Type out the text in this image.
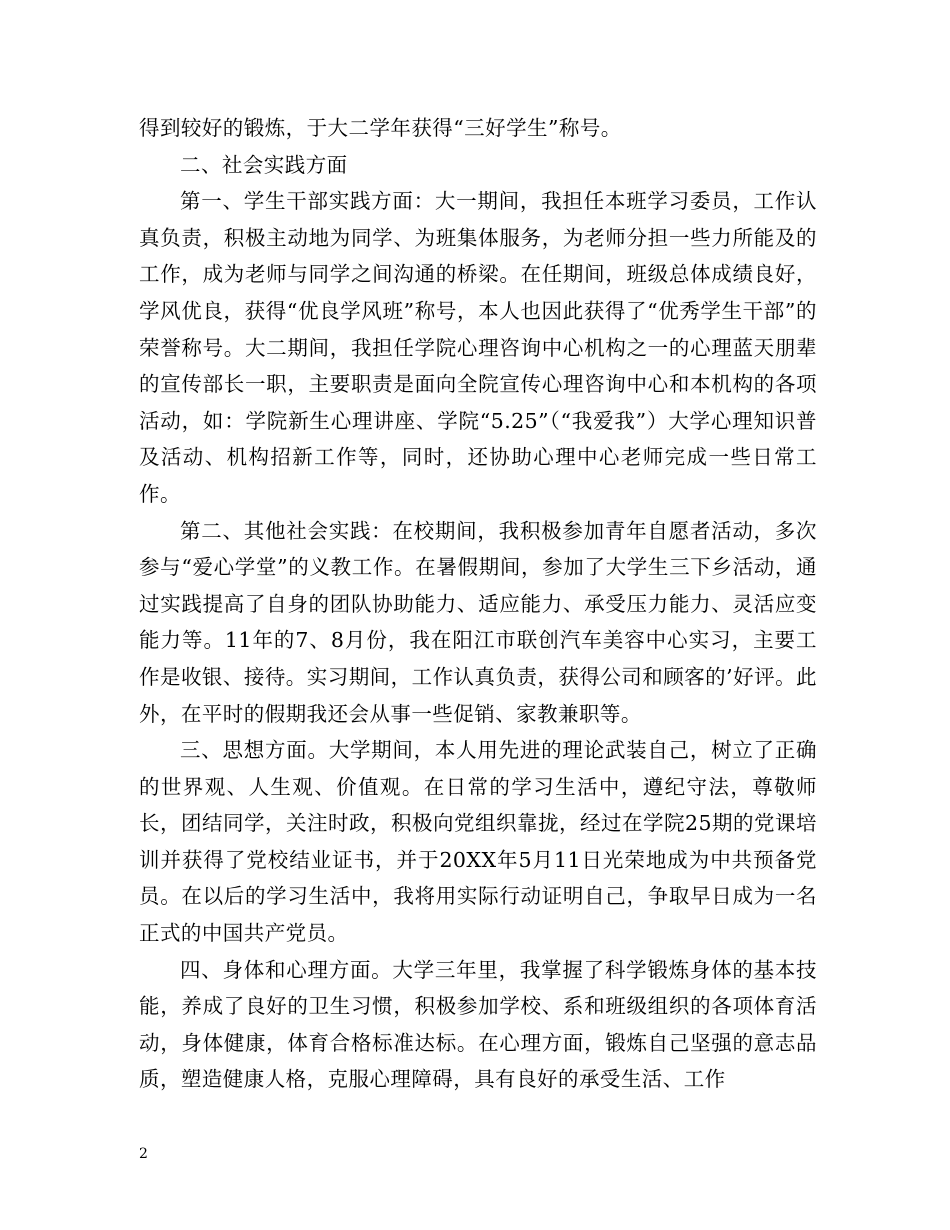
得到较好的锻炼，于大二学年获得“三好学生”称号。

二、社会实践方面

第一、学生干部实践方面：大一期间，我担任本班学习委员，工作认真负责，积极主动地为同学、为班集体服务，为老师分担一些力所能及的工作，成为老师与同学之间沟通的桥梁。在任期间，班级总体成绩良好，学风优良，获得“优良学风班”称号，本人也因此获得了“优秀学生干部”的荣誉称号。大二期间，我担任学院心理咨询中心机构之一的心理蓝天朋辈的宣传部长一职，主要职责是面向全院宣传心理咨询中心和本机构的各项活动，如：学院新生心理讲座、学院“5.25”（“我爱我”）大学心理知识普及活动、机构招新工作等，同时，还协助心理中心老师完成一些日常工作。

第二、其他社会实践：在校期间，我积极参加青年自愿者活动，多次参与“爱心学堂”的义教工作。在暑假期间，参加了大学生三下乡活动，通过实践提高了自身的团队协助能力、适应能力、承受压力能力、灵活应变能力等。11年的7、8月份，我在阳江市联创汽车美容中心实习，主要工作是收银、接待。实习期间，工作认真负责，获得公司和顾客的’好评。此外，在平时的假期我还会从事一些促销、家教兼职等。

三、思想方面。大学期间，本人用先进的理论武装自己，树立了正确的世界观、人生观、价值观。在日常的学习生活中，遵纪守法，尊敬师长，团结同学，关注时政，积极向党组织靠拢，经过在学院25期的党课培训并获得了党校结业证书，并于20XX年5月11日光荣地成为中共预备党员。在以后的学习生活中，我将用实际行动证明自己，争取早日成为一名正式的中国共产党员。

四、身体和心理方面。大学三年里，我掌握了科学锻炼身体的基本技能，养成了良好的卫生习惯，积极参加学校、系和班级组织的各项体育活动，身体健康，体育合格标准达标。在心理方面，锻炼自己坚强的意志品质，塑造健康人格，克服心理障碍，具有良好的承受生活、工作

2
